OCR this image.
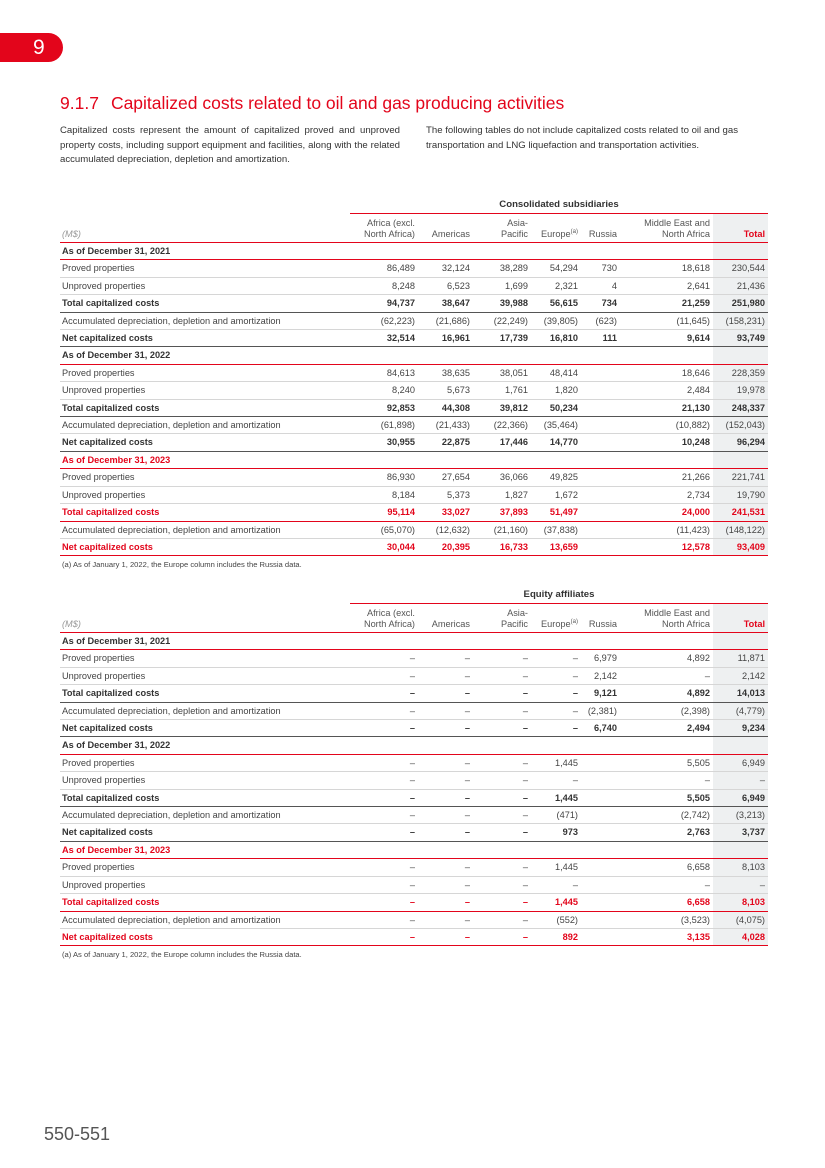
9
9.1.7 Capitalized costs related to oil and gas producing activities

Capitalized costs represent the amount of capitalized proved and unproved property costs, including support equipment and facilities, along with the related accumulated depreciation, depletion and amortization.

The following tables do not include capitalized costs related to oil and gas transportation and LNG liquefaction and transportation activities.

Consolidated subsidiaries
(M$)	Africa (excl.
North Africa)	Americas	Asia-
Pacific	Europe$^{(a)}$	Russia	Middle East and
North Africa	Total
As of December 31, 2021							
Proved properties	86,489	32,124	38,289	54,294	730	18,618	230,544
Unproved properties	8,248	6,523	1,699	2,321	4	2,641	21,436
Total capitalized costs	94,737	38,647	39,988	56,615	734	21,259	251,980
Accumulated depreciation, depletion and amortization	(62,223)	(21,686)	(22,249)	(39,805)	(623)	(11,645)	(158,231)
Net capitalized costs	32,514	16,961	17,739	16,810	111	9,614	93,749
As of December 31, 2022							
Proved properties	84,613	38,635	38,051	48,414		18,646	228,359
Unproved properties	8,240	5,673	1,761	1,820		2,484	19,978
Total capitalized costs	92,853	44,308	39,812	50,234		21,130	248,337
Accumulated depreciation, depletion and amortization	(61,898)	(21,433)	(22,366)	(35,464)		(10,882)	(152,043)
Net capitalized costs	30,955	22,875	17,446	14,770		10,248	96,294
As of December 31, 2023							
Proved properties	86,930	27,654	36,066	49,825		21,266	221,741
Unproved properties	8,184	5,373	1,827	1,672		2,734	19,790
Total capitalized costs	95,114	33,027	37,893	51,497		24,000	241,531
Accumulated depreciation, depletion and amortization	(65,070)	(12,632)	(21,160)	(37,838)		(11,423)	(148,122)
Net capitalized costs	30,044	20,395	16,733	13,659		12,578	93,409
(a) As of January 1, 2022, the Europe column includes the Russia data.
Equity affiliates
(M$)	Africa (excl.
North Africa)	Americas	Asia-
Pacific	Europe$^{(a)}$	Russia	Middle East and
North Africa	Total
As of December 31, 2021							
Proved properties	–	–	–	–	6,979	4,892	11,871
Unproved properties	–	–	–	–	2,142	–	2,142
Total capitalized costs	–	–	–	–	9,121	4,892	14,013
Accumulated depreciation, depletion and amortization	–	–	–	–	(2,381)	(2,398)	(4,779)
Net capitalized costs	–	–	–	–	6,740	2,494	9,234
As of December 31, 2022							
Proved properties	–	–	–	1,445		5,505	6,949
Unproved properties	–	–	–	–		–	–
Total capitalized costs	–	–	–	1,445		5,505	6,949
Accumulated depreciation, depletion and amortization	–	–	–	(471)		(2,742)	(3,213)
Net capitalized costs	–	–	–	973		2,763	3,737
As of December 31, 2023							
Proved properties	–	–	–	1,445		6,658	8,103
Unproved properties	–	–	–	–		–	–
Total capitalized costs	–	–	–	1,445		6,658	8,103
Accumulated depreciation, depletion and amortization	–	–	–	(552)		(3,523)	(4,075)
Net capitalized costs	–	–	–	892		3,135	4,028
(a) As of January 1, 2022, the Europe column includes the Russia data.
550-551
